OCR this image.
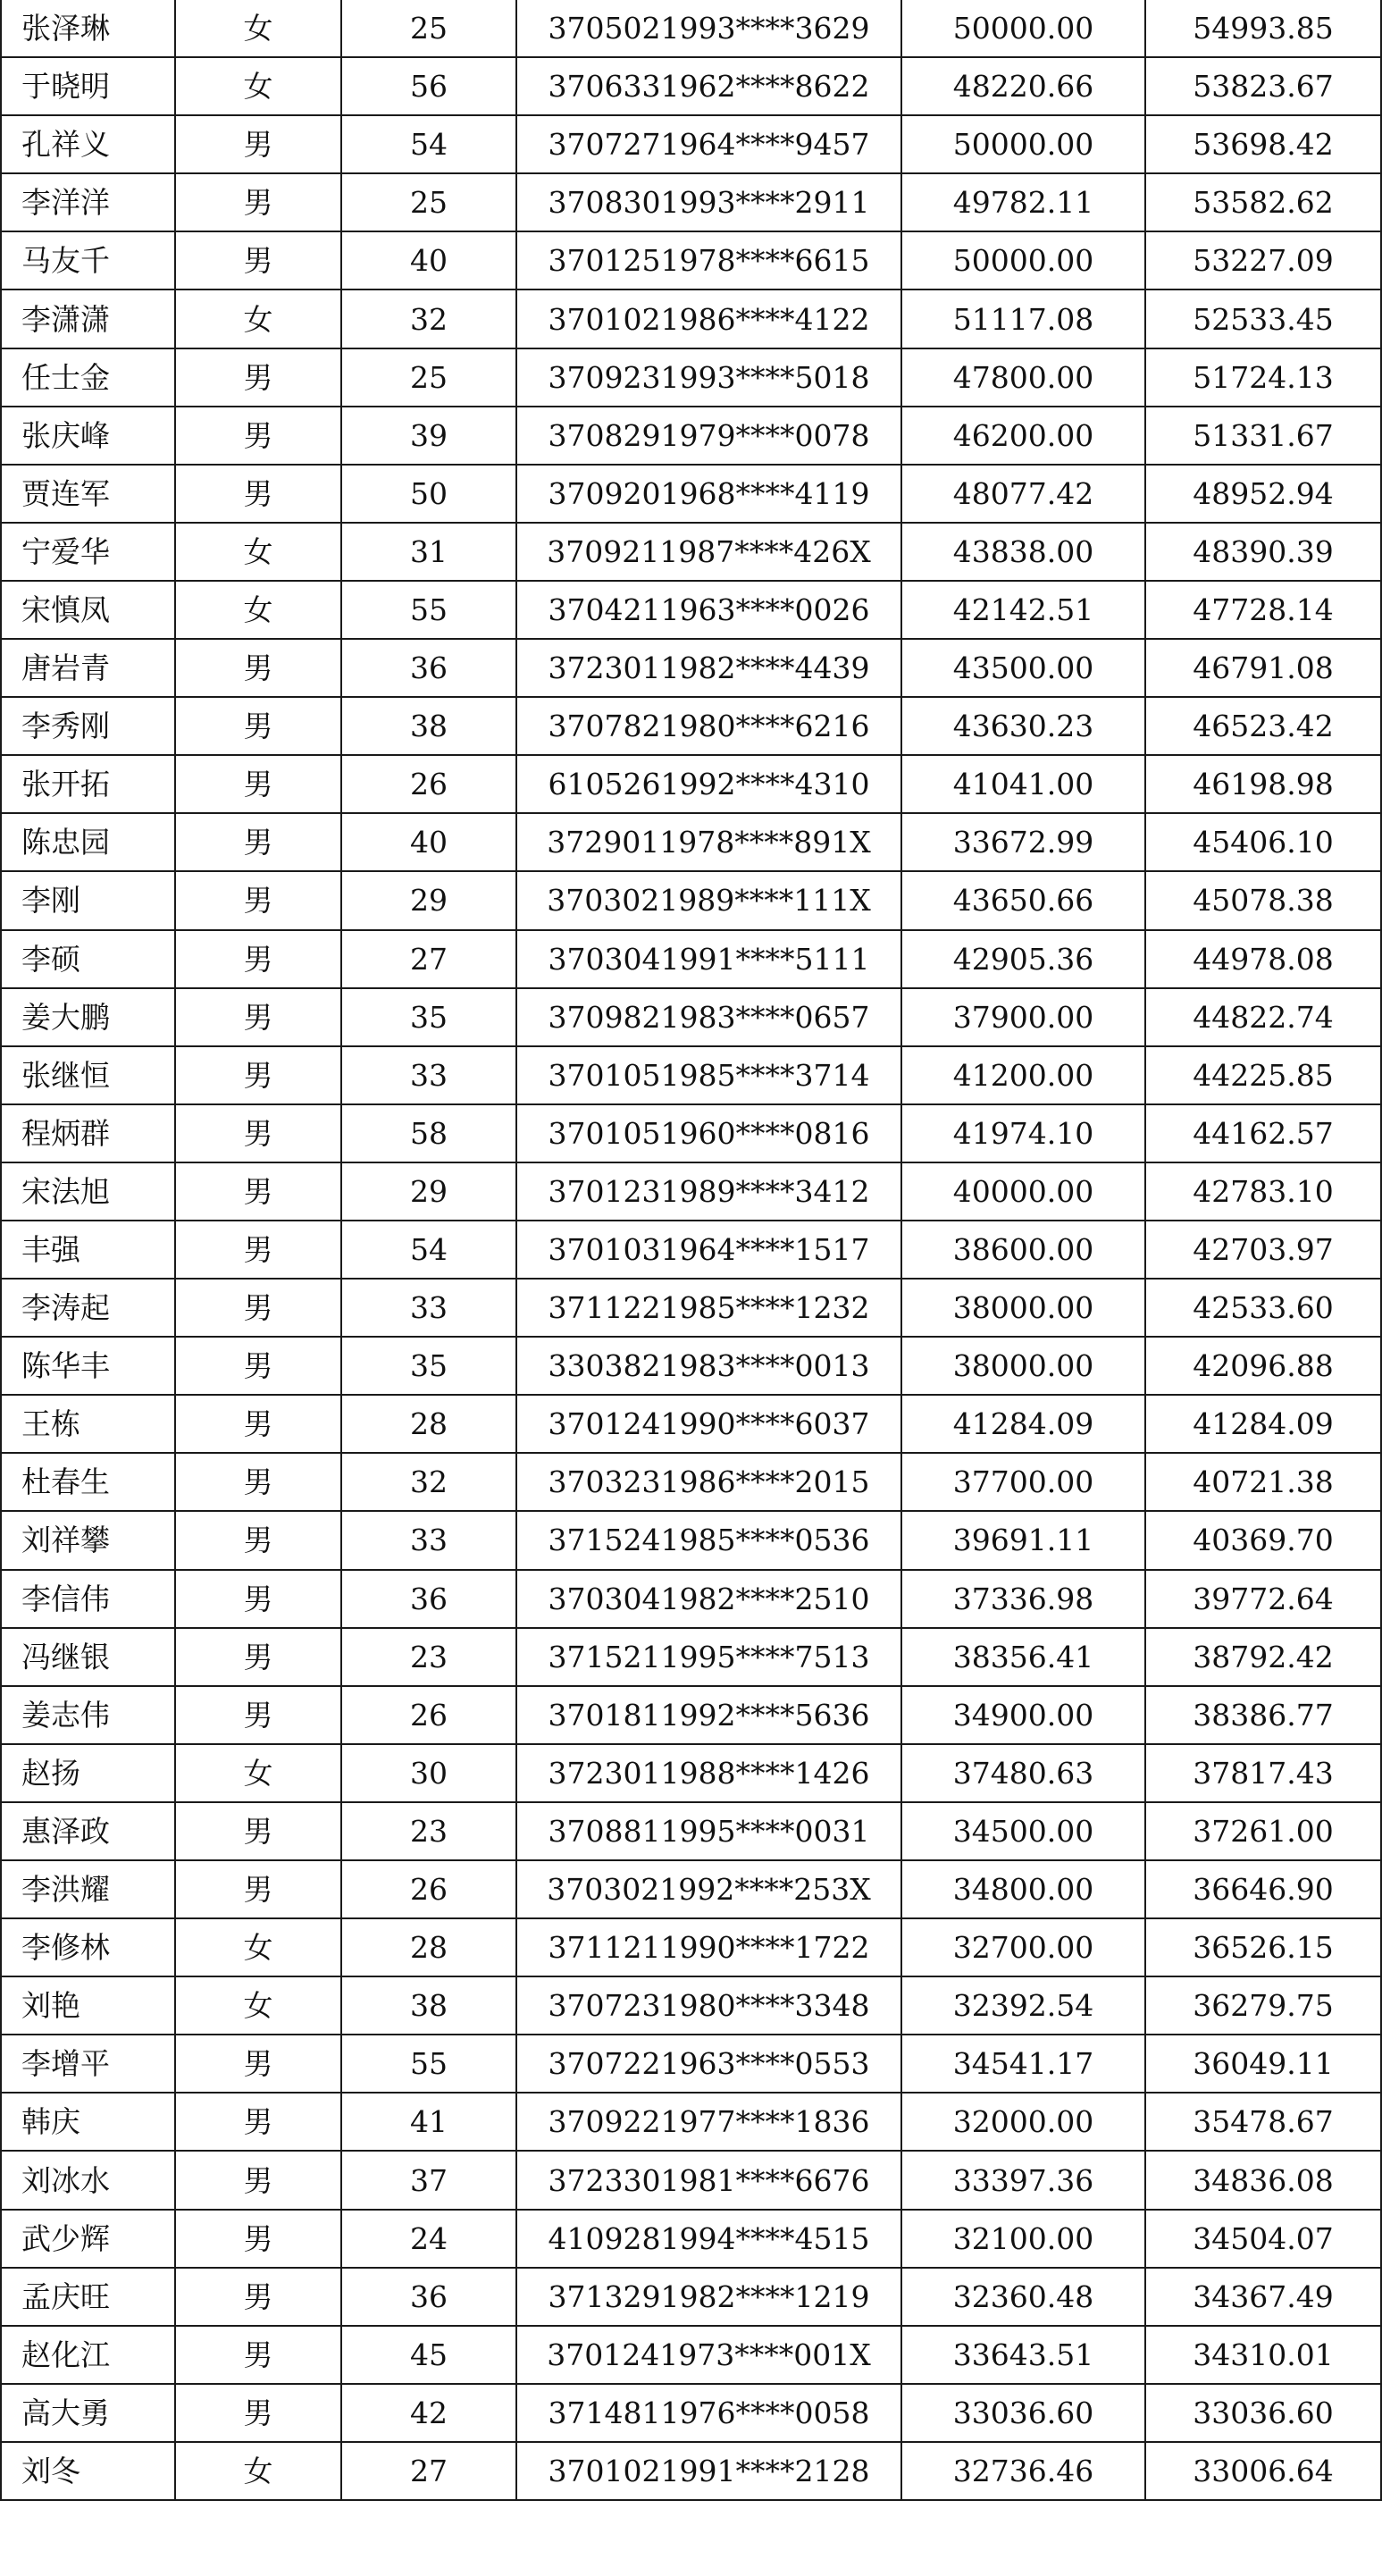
张泽琳	女	25	3705021993****3629	50000.00	54993.85
于晓明	女	56	3706331962****8622	48220.66	53823.67
孔祥义	男	54	3707271964****9457	50000.00	53698.42
李洋洋	男	25	3708301993****2911	49782.11	53582.62
马友千	男	40	3701251978****6615	50000.00	53227.09
李潇潇	女	32	3701021986****4122	51117.08	52533.45
任士金	男	25	3709231993****5018	47800.00	51724.13
张庆峰	男	39	3708291979****0078	46200.00	51331.67
贾连军	男	50	3709201968****4119	48077.42	48952.94
宁爱华	女	31	3709211987****426X	43838.00	48390.39
宋慎凤	女	55	3704211963****0026	42142.51	47728.14
唐岩青	男	36	3723011982****4439	43500.00	46791.08
李秀刚	男	38	3707821980****6216	43630.23	46523.42
张开拓	男	26	6105261992****4310	41041.00	46198.98
陈忠园	男	40	3729011978****891X	33672.99	45406.10
李刚	男	29	3703021989****111X	43650.66	45078.38
李硕	男	27	3703041991****5111	42905.36	44978.08
姜大鹏	男	35	3709821983****0657	37900.00	44822.74
张继恒	男	33	3701051985****3714	41200.00	44225.85
程炳群	男	58	3701051960****0816	41974.10	44162.57
宋法旭	男	29	3701231989****3412	40000.00	42783.10
丰强	男	54	3701031964****1517	38600.00	42703.97
李涛起	男	33	3711221985****1232	38000.00	42533.60
陈华丰	男	35	3303821983****0013	38000.00	42096.88
王栋	男	28	3701241990****6037	41284.09	41284.09
杜春生	男	32	3703231986****2015	37700.00	40721.38
刘祥攀	男	33	3715241985****0536	39691.11	40369.70
李信伟	男	36	3703041982****2510	37336.98	39772.64
冯继银	男	23	3715211995****7513	38356.41	38792.42
姜志伟	男	26	3701811992****5636	34900.00	38386.77
赵扬	女	30	3723011988****1426	37480.63	37817.43
惠泽政	男	23	3708811995****0031	34500.00	37261.00
李洪耀	男	26	3703021992****253X	34800.00	36646.90
李修林	女	28	3711211990****1722	32700.00	36526.15
刘艳	女	38	3707231980****3348	32392.54	36279.75
李增平	男	55	3707221963****0553	34541.17	36049.11
韩庆	男	41	3709221977****1836	32000.00	35478.67
刘冰水	男	37	3723301981****6676	33397.36	34836.08
武少辉	男	24	4109281994****4515	32100.00	34504.07
孟庆旺	男	36	3713291982****1219	32360.48	34367.49
赵化江	男	45	3701241973****001X	33643.51	34310.01
高大勇	男	42	3714811976****0058	33036.60	33036.60
刘冬	女	27	3701021991****2128	32736.46	33006.64
